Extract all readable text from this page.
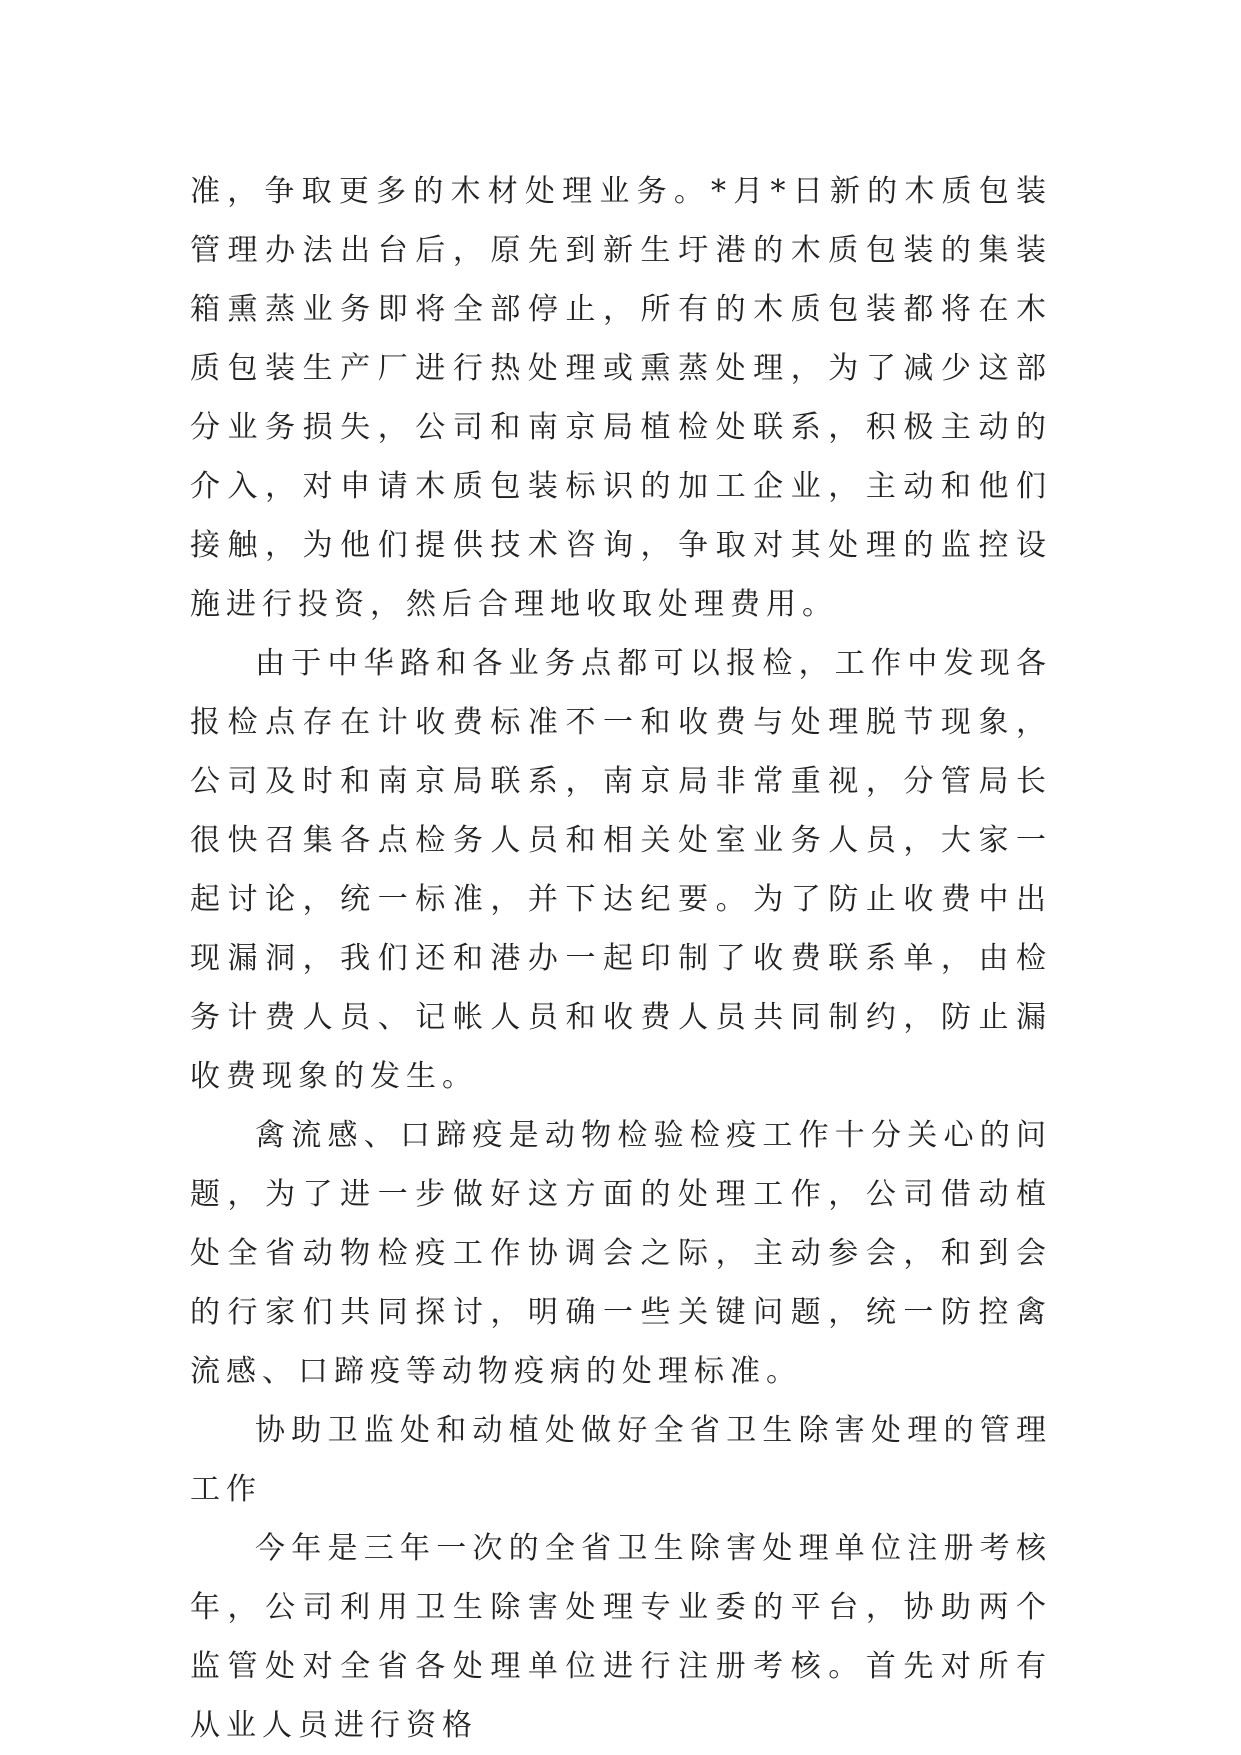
准，争取更多的木材处理业务。*月*日新的木质包装管理办法出台后，原先到新生圩港的木质包装的集装箱熏蒸业务即将全部停止，所有的木质包装都将在木质包装生产厂进行热处理或熏蒸处理，为了减少这部分业务损失，公司和南京局植检处联系，积极主动的介入，对申请木质包装标识的加工企业，主动和他们接触，为他们提供技术咨询，争取对其处理的监控设施进行投资，然后合理地收取处理费用。

由于中华路和各业务点都可以报检，工作中发现各报检点存在计收费标准不一和收费与处理脱节现象，公司及时和南京局联系，南京局非常重视，分管局长很快召集各点检务人员和相关处室业务人员，大家一起讨论，统一标准，并下达纪要。为了防止收费中出现漏洞，我们还和港办一起印制了收费联系单，由检务计费人员、记帐人员和收费人员共同制约，防止漏收费现象的发生。

禽流感、口蹄疫是动物检验检疫工作十分关心的问题，为了进一步做好这方面的处理工作，公司借动植处全省动物检疫工作协调会之际，主动参会，和到会的行家们共同探讨，明确一些关键问题，统一防控禽流感、口蹄疫等动物疫病的处理标准。

协助卫监处和动植处做好全省卫生除害处理的管理工作

今年是三年一次的全省卫生除害处理单位注册考核年，公司利用卫生除害处理专业委的平台，协助两个监管处对全省各处理单位进行注册考核。首先对所有从业人员进行资格
